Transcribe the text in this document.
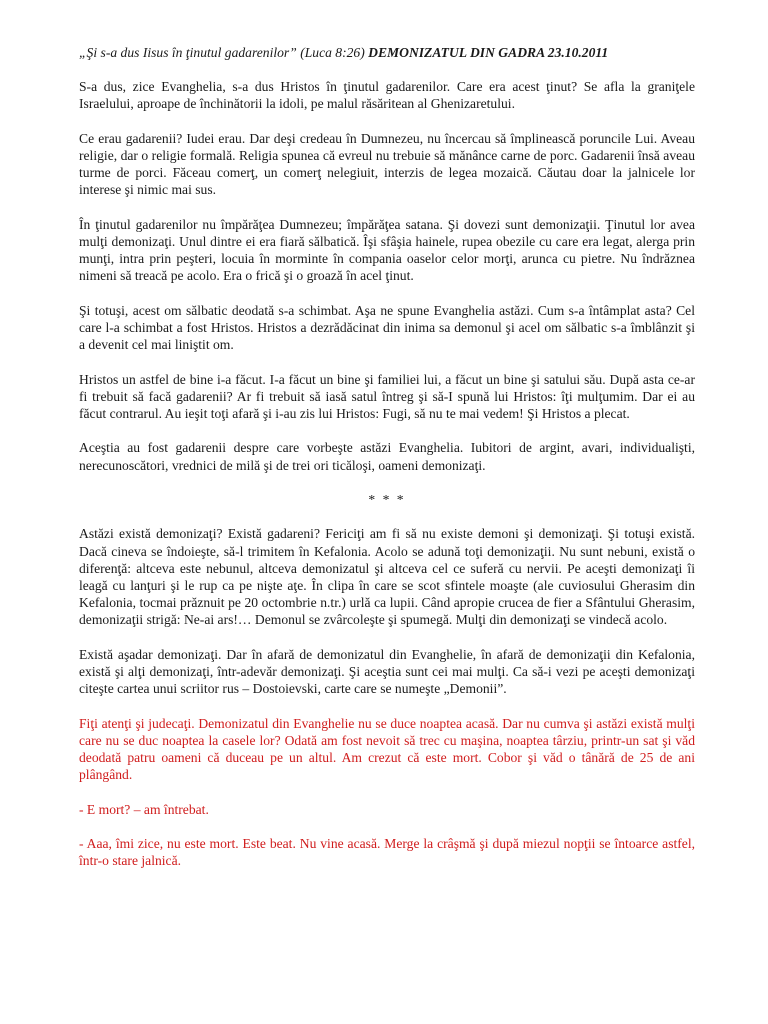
„Şi s-a dus Iisus în ţinutul gadarenilor” (Luca 8:26) DEMONIZATUL DIN GADRA 23.10.2011

S-a dus, zice Evanghelia, s-a dus Hristos în ţinutul gadarenilor. Care era acest ţinut? Se afla la graniţele Israelului, aproape de închinătorii la idoli, pe malul răsăritean al Ghenizaretului.

Ce erau gadarenii? Iudei erau. Dar deşi credeau în Dumnezeu, nu încercau să împlinească poruncile Lui. Aveau religie, dar o religie formală. Religia spunea că evreul nu trebuie să mănânce carne de porc. Gadarenii însă aveau turme de porci. Făceau comerţ, un comerţ nelegiuit, interzis de legea mozaică. Căutau doar la jalnicele lor interese şi nimic mai sus.

În ţinutul gadarenilor nu împărăţea Dumnezeu; împărăţea satana. Şi dovezi sunt demonizaţii. Ţinutul lor avea mulţi demonizaţi. Unul dintre ei era fiară sălbatică. Îşi sfâşia hainele, rupea obezile cu care era legat, alerga prin munţi, intra prin peşteri, locuia în morminte în compania oaselor celor morţi, arunca cu pietre. Nu îndrăznea nimeni să treacă pe acolo. Era o frică şi o groază în acel ţinut.

Şi totuşi, acest om sălbatic deodată s-a schimbat. Aşa ne spune Evanghelia astăzi. Cum s-a întâmplat asta? Cel care l-a schimbat a fost Hristos. Hristos a dezrădăcinat din inima sa demonul şi acel om sălbatic s-a îmblânzit şi a devenit cel mai liniştit om.

Hristos un astfel de bine i-a făcut. I-a făcut un bine şi familiei lui, a făcut un bine şi satului său. După asta ce-ar fi trebuit să facă gadarenii? Ar fi trebuit să iasă satul întreg şi să-I spună lui Hristos: îţi mulţumim. Dar ei au făcut contrarul. Au ieşit toţi afară şi i-au zis lui Hristos: Fugi, să nu te mai vedem! Şi Hristos a plecat.

Aceştia au fost gadarenii despre care vorbeşte astăzi Evanghelia. Iubitori de argint, avari, individualişti, nerecunoscători, vrednici de milă şi de trei ori ticăloşi, oameni demonizaţi.

* * *

Astăzi există demonizaţi? Există gadareni? Fericiţi am fi să nu existe demoni şi demonizaţi. Şi totuşi există. Dacă cineva se îndoieşte, să-l trimitem în Kefalonia. Acolo se adună toţi demonizaţii. Nu sunt nebuni, există o diferenţă: altceva este nebunul, altceva demonizatul şi altceva cel ce suferă cu nervii. Pe aceşti demonizaţi îi leagă cu lanţuri şi le rup ca pe nişte aţe. În clipa în care se scot sfintele moaşte (ale cuviosului Gherasim din Kefalonia, tocmai prăznuit pe 20 octombrie n.tr.) urlă ca lupii. Când apropie crucea de fier a Sfântului Gherasim, demonizaţii strigă: Ne-ai ars!… Demonul se zvârcoleşte şi spumegă. Mulţi din demonizaţi se vindecă acolo.

Există aşadar demonizaţi. Dar în afară de demonizatul din Evanghelie, în afară de demonizaţii din Kefalonia, există şi alţi demonizaţi, într-adevăr demonizaţi. Şi aceştia sunt cei mai mulţi. Ca să-i vezi pe aceşti demonizaţi citeşte cartea unui scriitor rus – Dostoievski, carte care se numeşte „Demonii”.

Fiţi atenţi şi judecaţi. Demonizatul din Evanghelie nu se duce noaptea acasă. Dar nu cumva şi astăzi există mulţi care nu se duc noaptea la casele lor? Odată am fost nevoit să trec cu maşina, noaptea târziu, printr-un sat şi văd deodată patru oameni că duceau pe un altul. Am crezut că este mort. Cobor şi văd o tânără de 25 de ani plângând.

- E mort? – am întrebat.

- Aaa, îmi zice, nu este mort. Este beat. Nu vine acasă. Merge la crâşmă şi după miezul nopţii se întoarce astfel, într-o stare jalnică.
